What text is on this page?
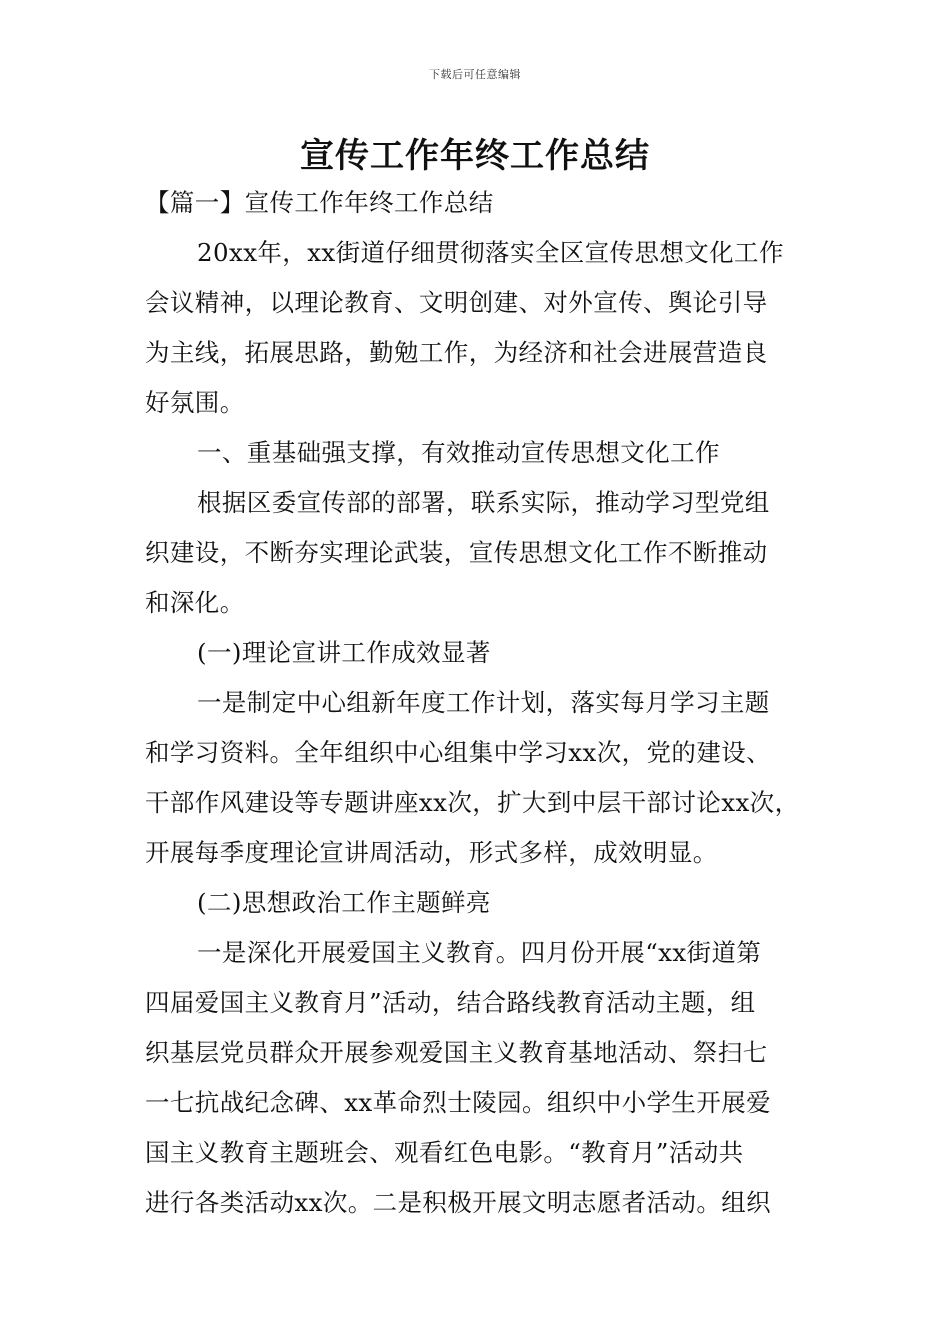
下载后可任意编辑
宣传工作年终工作总结
【篇一】宣传工作年终工作总结
20xx年，xx街道仔细贯彻落实全区宣传思想文化工作
会议精神，以理论教育、文明创建、对外宣传、舆论引导
为主线，拓展思路，勤勉工作，为经济和社会进展营造良
好氛围。
一、重基础强支撑，有效推动宣传思想文化工作
根据区委宣传部的部署，联系实际，推动学习型党组
织建设，不断夯实理论武装，宣传思想文化工作不断推动
和深化。
(一)理论宣讲工作成效显著
一是制定中心组新年度工作计划，落实每月学习主题
和学习资料。全年组织中心组集中学习xx次，党的建设、
干部作风建设等专题讲座xx次，扩大到中层干部讨论xx次，
开展每季度理论宣讲周活动，形式多样，成效明显。
(二)思想政治工作主题鲜亮
一是深化开展爱国主义教育。四月份开展“xx街道第
四届爱国主义教育月”活动，结合路线教育活动主题，组
织基层党员群众开展参观爱国主义教育基地活动、祭扫七
一七抗战纪念碑、xx革命烈士陵园。组织中小学生开展爱
国主义教育主题班会、观看红色电影。“教育月”活动共
进行各类活动xx次。二是积极开展文明志愿者活动。组织
